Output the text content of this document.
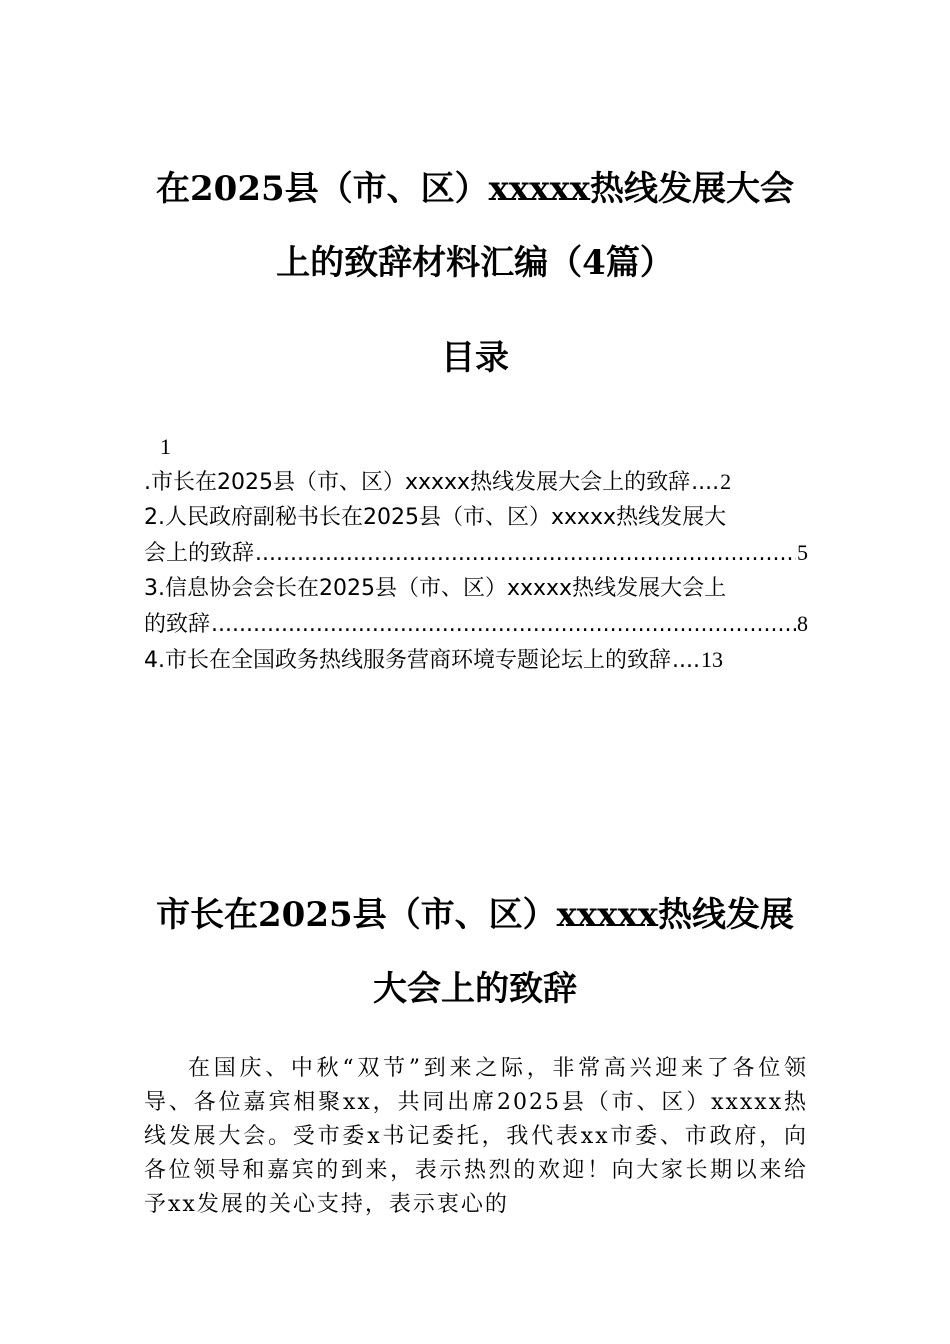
在2025县（市、区）xxxxx热线发展大会
上的致辞材料汇编（4篇）
目录
1
.市长在2025县（市、区）xxxxx热线发展大会上的致辞 .... 2
2.人民政府副秘书长在2025县（市、区）xxxxx热线发展大
会上的致辞 .....	5
3.信息协会会长在2025县（市、区）xxxxx热线发展大会上
的致辞 .....	8
4.市长在全国政务热线服务营商环境专题论坛上的致辞 .... 13
市长在2025县（市、区）xxxxx热线发展
大会上的致辞
在国庆、中秋“双节”到来之际，非常高兴迎来了各位领导、各位嘉宾相聚xx，共同出席2025县（市、区）xxxxx热线发展大会。受市委x书记委托，我代表xx市委、市政府，向各位领导和嘉宾的到来，表示热烈的欢迎！向大家长期以来给予xx发展的关心支持，表示衷心的
